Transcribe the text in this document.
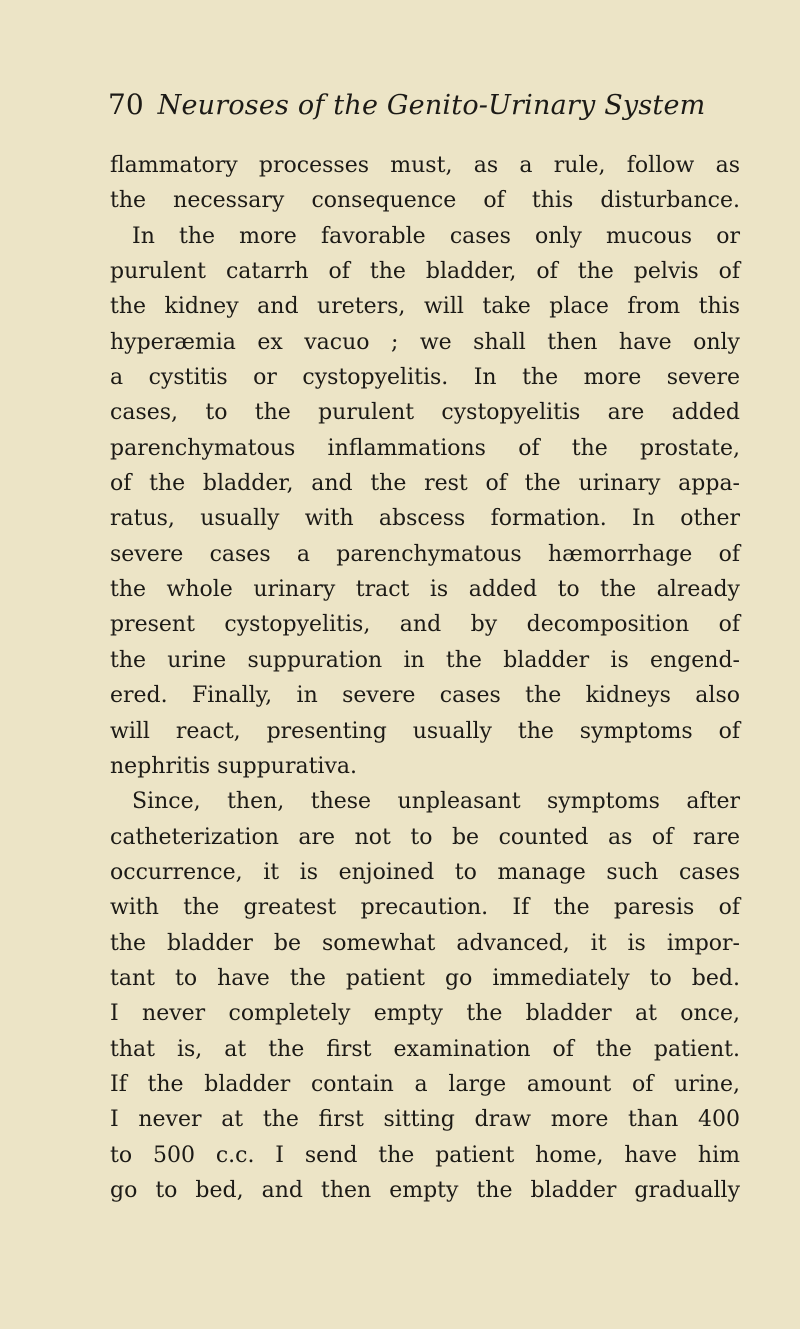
70 Neuroses of the Genito-Urinary System
flammatory processes must, as a rule, follow as
the necessary consequence of this disturbance.
In the more favorable cases only mucous or
purulent catarrh of the bladder, of the pelvis of
the kidney and ureters, will take place from this
hyperæmia ex vacuo ; we shall then have only
a cystitis or cystopyelitis. In the more severe
cases, to the purulent cystopyelitis are added
parenchymatous inflammations of the prostate,
of the bladder, and the rest of the urinary appa-
ratus, usually with abscess formation. In other
severe cases a parenchymatous hæmorrhage of
the whole urinary tract is added to the already
present cystopyelitis, and by decomposition of
the urine suppuration in the bladder is engend-
ered. Finally, in severe cases the kidneys also
will react, presenting usually the symptoms of
nephritis suppurativa.
Since, then, these unpleasant symptoms after
catheterization are not to be counted as of rare
occurrence, it is enjoined to manage such cases
with the greatest precaution. If the paresis of
the bladder be somewhat advanced, it is impor-
tant to have the patient go immediately to bed.
I never completely empty the bladder at once,
that is, at the first examination of the patient.
If the bladder contain a large amount of urine,
I never at the first sitting draw more than 400
to 500 c.c. I send the patient home, have him
go to bed, and then empty the bladder gradually
